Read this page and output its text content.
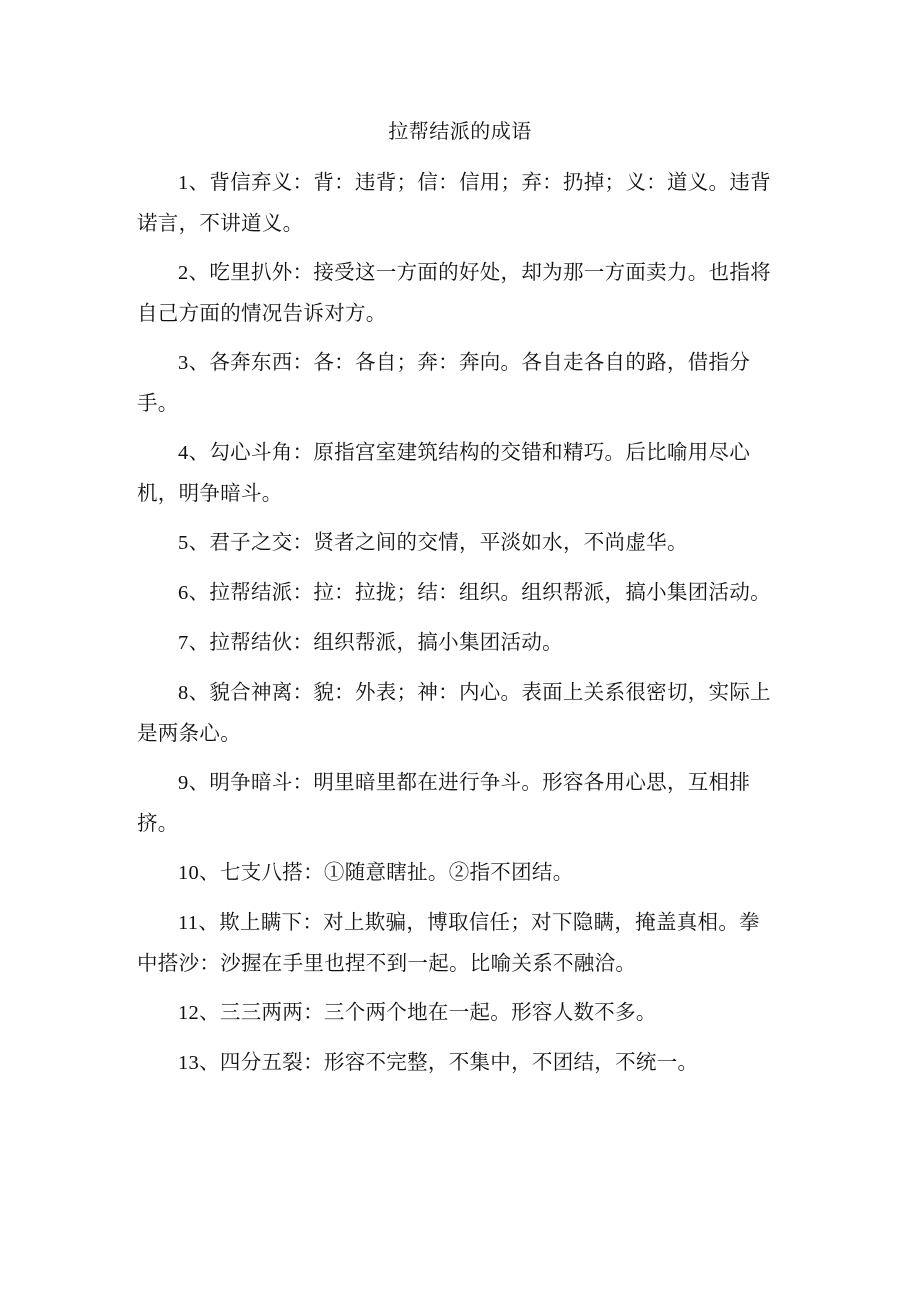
拉帮结派的成语

1、背信弃义：背：违背；信：信用；弃：扔掉；义：道义。违背诺言，不讲道义。

2、吃里扒外：接受这一方面的好处，却为那一方面卖力。也指将自己方面的情况告诉对方。

3、各奔东西：各：各自；奔：奔向。各自走各自的路，借指分手。

4、勾心斗角：原指宫室建筑结构的交错和精巧。后比喻用尽心机，明争暗斗。

5、君子之交：贤者之间的交情，平淡如水，不尚虚华。

6、拉帮结派：拉：拉拢；结：组织。组织帮派，搞小集团活动。

7、拉帮结伙：组织帮派，搞小集团活动。

8、貌合神离：貌：外表；神：内心。表面上关系很密切，实际上是两条心。

9、明争暗斗：明里暗里都在进行争斗。形容各用心思，互相排挤。

10、七支八搭：①随意瞎扯。②指不团结。

11、欺上瞒下：对上欺骗，博取信任；对下隐瞒，掩盖真相。拳中搭沙：沙握在手里也捏不到一起。比喻关系不融洽。

12、三三两两：三个两个地在一起。形容人数不多。

13、四分五裂：形容不完整，不集中，不团结，不统一。
